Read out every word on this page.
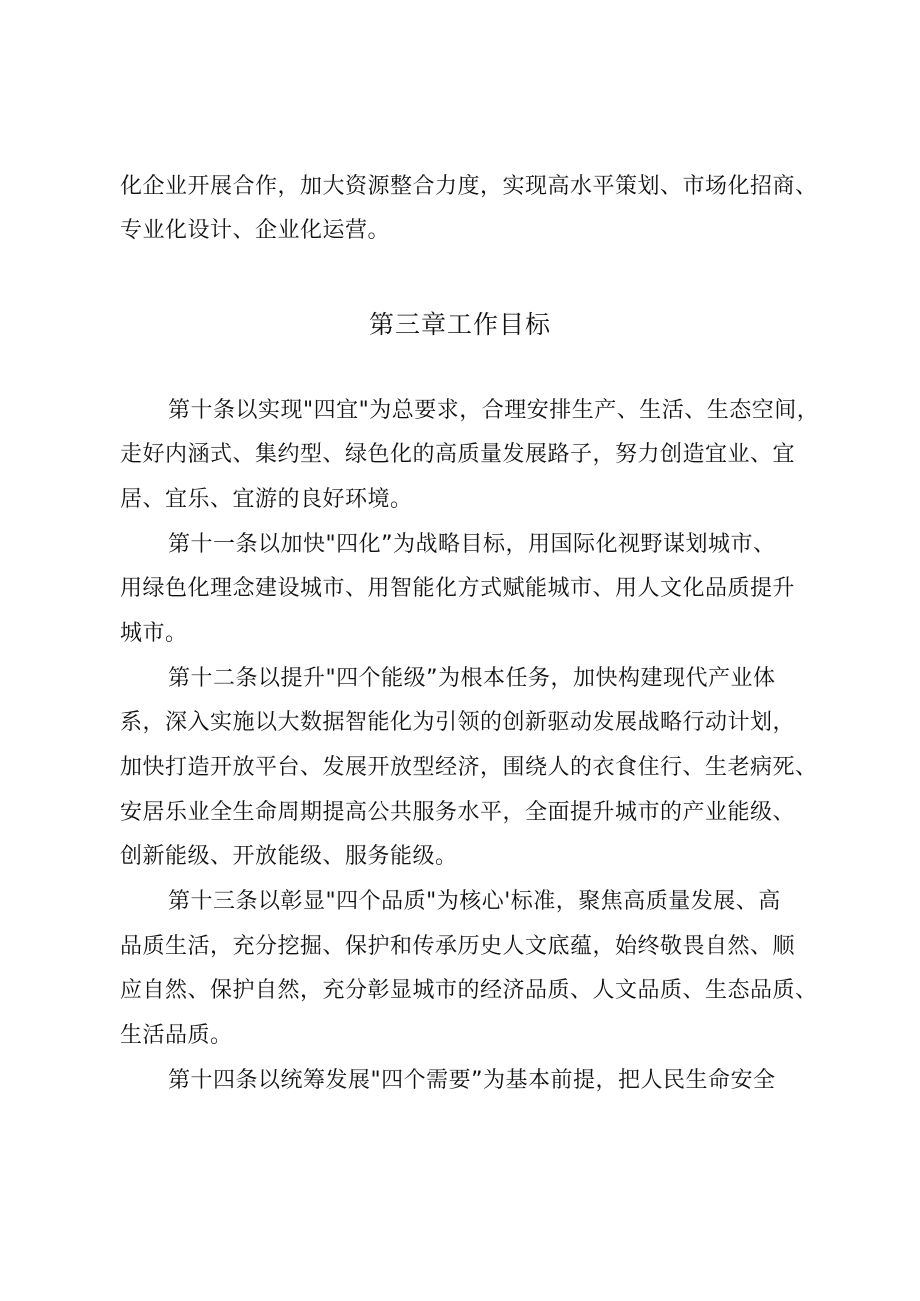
化企业开展合作，加大资源整合力度，实现高水平策划、市场化招商、
专业化设计、企业化运营。
第三章工作目标
第十条以实现"四宜"为总要求，合理安排生产、生活、生态空间，
走好内涵式、集约型、绿色化的高质量发展路子，努力创造宜业、宜
居、宜乐、宜游的良好环境。
第十一条以加快"四化”为战略目标，用国际化视野谋划城市、
用绿色化理念建设城市、用智能化方式赋能城市、用人文化品质提升
城市。
第十二条以提升"四个能级”为根本任务，加快构建现代产业体
系，深入实施以大数据智能化为引领的创新驱动发展战略行动计划，
加快打造开放平台、发展开放型经济，围绕人的衣食住行、生老病死、
安居乐业全生命周期提高公共服务水平，全面提升城市的产业能级、
创新能级、开放能级、服务能级。
第十三条以彰显"四个品质"为核心'标准，聚焦高质量发展、高
品质生活，充分挖掘、保护和传承历史人文底蕴，始终敬畏自然、顺
应自然、保护自然，充分彰显城市的经济品质、人文品质、生态品质、
生活品质。
第十四条以统筹发展"四个需要”为基本前提，把人民生命安全
